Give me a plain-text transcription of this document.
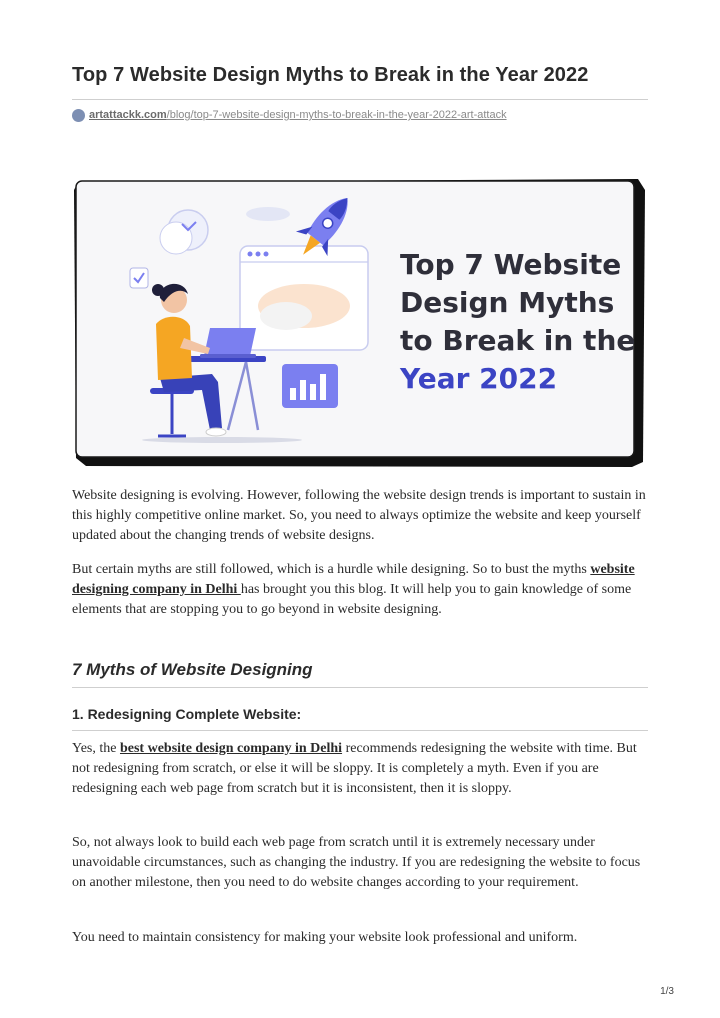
Top 7 Website Design Myths to Break in the Year 2022
artattackk.com/blog/top-7-website-design-myths-to-break-in-the-year-2022-art-attack
Top 7 Website
Design Myths
to Break in the
Year 2022

Website designing is evolving. However, following the website design trends is important to sustain in this highly competitive online market. So, you need to always optimize the website and keep yourself updated about the changing trends of website designs.

But certain myths are still followed, which is a hurdle while designing. So to bust the myths website designing company in Delhi has brought you this blog. It will help you to gain knowledge of some elements that are stopping you to go beyond in website designing.

7 Myths of Website Designing
1. Redesigning Complete Website:

Yes, the best website design company in Delhi recommends redesigning the website with time. But not redesigning from scratch, or else it will be sloppy. It is completely a myth. Even if you are redesigning each web page from scratch but it is inconsistent, then it is sloppy.

So, not always look to build each web page from scratch until it is extremely necessary under unavoidable circumstances, such as changing the industry. If you are redesigning the website to focus on another milestone, then you need to do website changes according to your requirement.

You need to maintain consistency for making your website look professional and uniform.

1/3
